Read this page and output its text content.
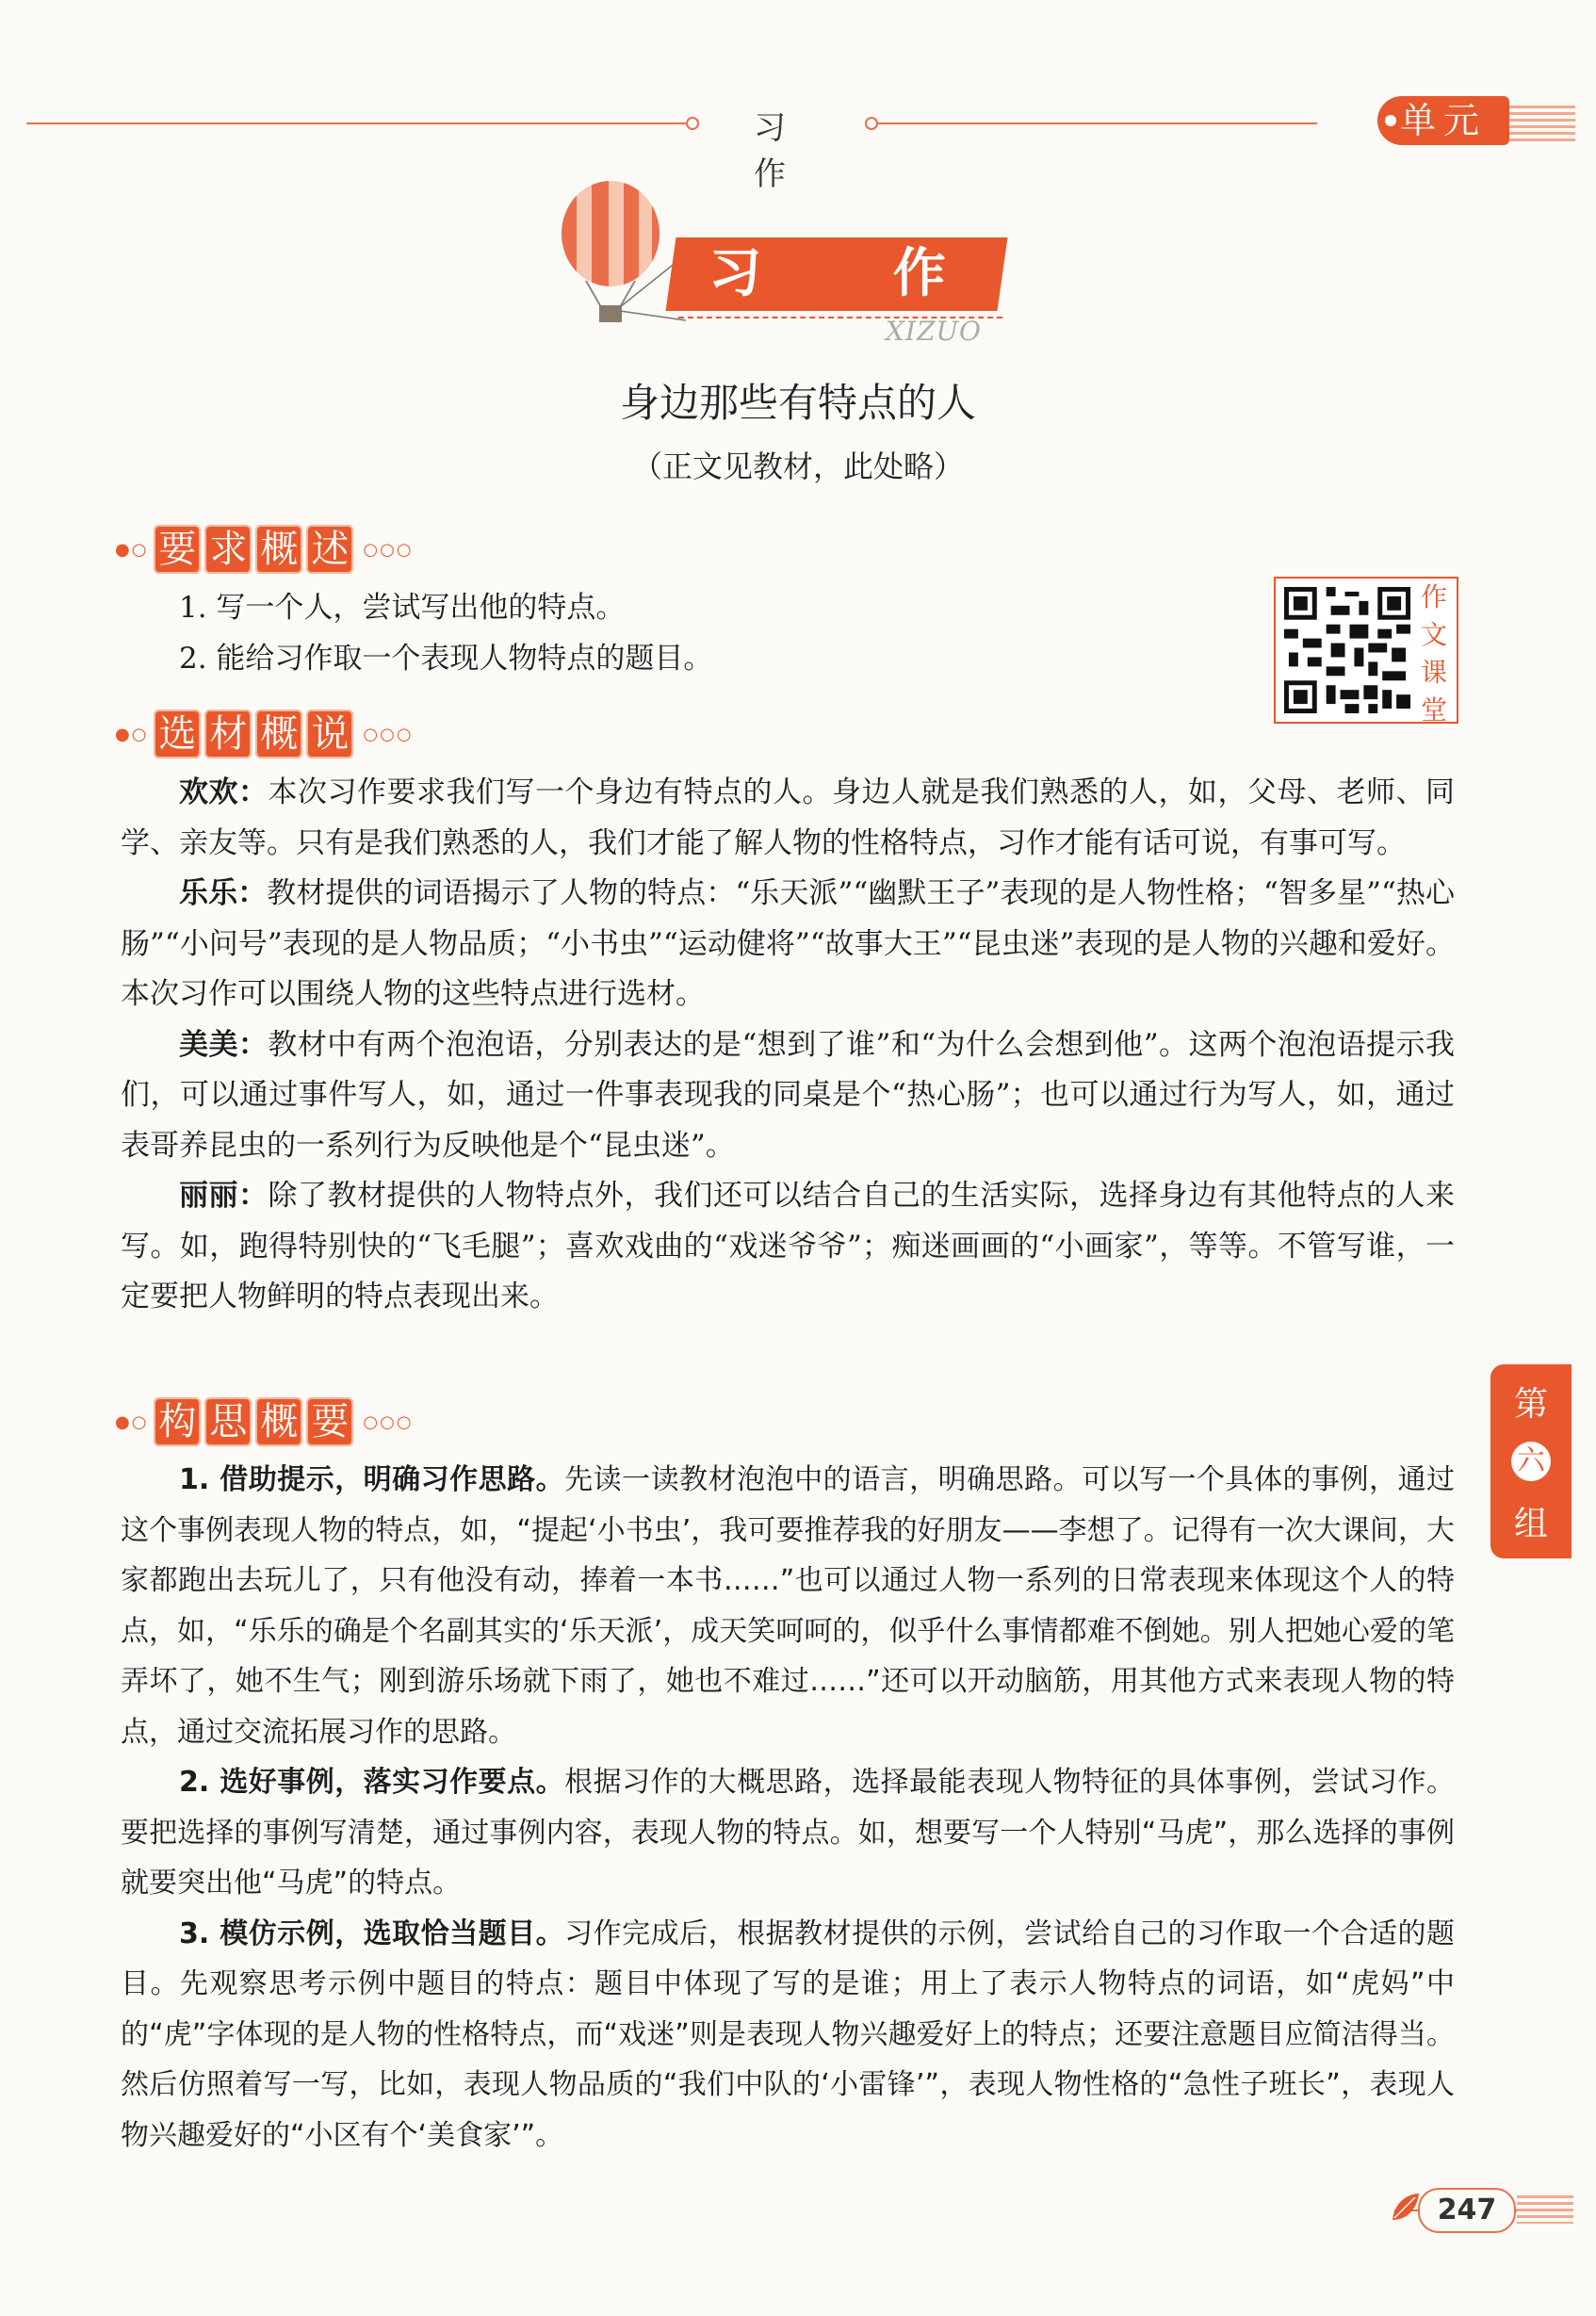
习 作
单元
习 作
XIZUO
身边那些有特点的人
（正文见教材，此处略）
●○ 要 求 概 述 ○○○
1. 写一个人，尝试写出他的特点。
2. 能给习作取一个表现人物特点的题目。
作
文
课
堂
●○ 选 材 概 说 ○○○

欢欢：本次习作要求我们写一个身边有特点的人。身边人就是我们熟悉的人，如，父母、老师、同学、亲友等。只有是我们熟悉的人，我们才能了解人物的性格特点，习作才能有话可说，有事可写。

乐乐：教材提供的词语揭示了人物的特点：“乐天派”“幽默王子”表现的是人物性格；“智多星”“热心肠”“小问号”表现的是人物品质；“小书虫”“运动健将”“故事大王”“昆虫迷”表现的是人物的兴趣和爱好。本次习作可以围绕人物的这些特点进行选材。

美美：教材中有两个泡泡语，分别表达的是“想到了谁”和“为什么会想到他”。这两个泡泡语提示我们，可以通过事件写人，如，通过一件事表现我的同桌是个“热心肠”；也可以通过行为写人，如，通过表哥养昆虫的一系列行为反映他是个“昆虫迷”。

丽丽：除了教材提供的人物特点外，我们还可以结合自己的生活实际，选择身边有其他特点的人来写。如，跑得特别快的“飞毛腿”；喜欢戏曲的“戏迷爷爷”；痴迷画画的“小画家”，等等。不管写谁，一定要把人物鲜明的特点表现出来。

●○ 构 思 概 要 ○○○

1. 借助提示，明确习作思路。先读一读教材泡泡中的语言，明确思路。可以写一个具体的事例，通过这个事例表现人物的特点，如，“提起‘小书虫’，我可要推荐我的好朋友——李想了。记得有一次大课间，大家都跑出去玩儿了，只有他没有动，捧着一本书……”也可以通过人物一系列的日常表现来体现这个人的特点，如，“乐乐的确是个名副其实的‘乐天派’，成天笑呵呵的，似乎什么事情都难不倒她。别人把她心爱的笔弄坏了，她不生气；刚到游乐场就下雨了，她也不难过……”还可以开动脑筋，用其他方式来表现人物的特点，通过交流拓展习作的思路。

2. 选好事例，落实习作要点。根据习作的大概思路，选择最能表现人物特征的具体事例，尝试习作。要把选择的事例写清楚，通过事例内容，表现人物的特点。如，想要写一个人特别“马虎”，那么选择的事例就要突出他“马虎”的特点。

3. 模仿示例，选取恰当题目。习作完成后，根据教材提供的示例，尝试给自己的习作取一个合适的题目。先观察思考示例中题目的特点：题目中体现了写的是谁；用上了表示人物特点的词语，如“虎妈”中的“虎”字体现的是人物的性格特点，而“戏迷”则是表现人物兴趣爱好上的特点；还要注意题目应简洁得当。然后仿照着写一写，比如，表现人物品质的“我们中队的‘小雷锋’”，表现人物性格的“急性子班长”，表现人物兴趣爱好的“小区有个‘美食家’”。

第
六
组
247
